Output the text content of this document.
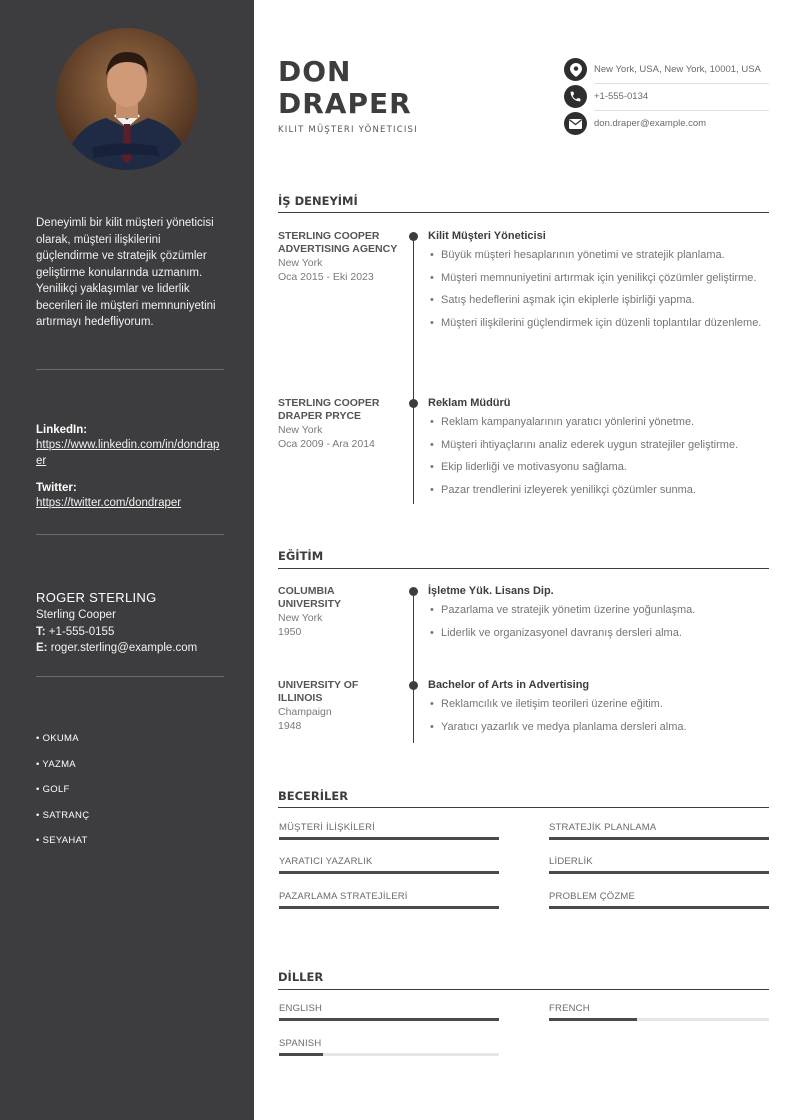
HAKKIMDA
Deneyimli bir kilit müşteri yöneticisi olarak, müşteri ilişkilerini güçlendirme ve stratejik çözümler geliştirme konularında uzmanım. Yenilikçi yaklaşımlar ve liderlik becerileri ile müşteri memnuniyetini artırmayı hedefliyorum.
BAĞLANTILAR
LinkedIn:
https://www.linkedin.com/in/dondraper
Twitter:
https://twitter.com/dondraper
REFERANS
ROGER STERLING
Sterling Cooper
T: +1-555-0155
E: roger.sterling@example.com
HOBİLER
• OKUMA
• YAZMA
• GOLF
• SATRANÇ
• SEYAHAT
DON
DRAPER
KILIT MÜŞTERI YÖNETICISI
New York, USA, New York, 10001, USA
+1-555-0134
don.draper@example.com
İŞ DENEYİMİ
STERLING COOPER ADVERTISING AGENCY
New York
Oca 2015 - Eki 2023
Kilit Müşteri Yöneticisi
• Büyük müşteri hesaplarının yönetimi ve stratejik planlama.
• Müşteri memnuniyetini artırmak için yenilikçi çözümler geliştirme.
• Satış hedeflerini aşmak için ekiplerle işbirliği yapma.
• Müşteri ilişkilerini güçlendirmek için düzenli toplantılar düzenleme.
STERLING COOPER DRAPER PRYCE
New York
Oca 2009 - Ara 2014
Reklam Müdürü
• Reklam kampanyalarının yaratıcı yönlerini yönetme.
• Müşteri ihtiyaçlarını analiz ederek uygun stratejiler geliştirme.
• Ekip liderliği ve motivasyonu sağlama.
• Pazar trendlerini izleyerek yenilikçi çözümler sunma.
EĞİTİM
COLUMBIA UNIVERSITY
New York
1950
İşletme Yük. Lisans Dip.
• Pazarlama ve stratejik yönetim üzerine yoğunlaşma.
• Liderlik ve organizasyonel davranış dersleri alma.
UNIVERSITY OF ILLINOIS
Champaign
1948
Bachelor of Arts in Advertising
• Reklamcılık ve iletişim teorileri üzerine eğitim.
• Yaratıcı yazarlık ve medya planlama dersleri alma.
BECERİLER
MÜŞTERİ İLİŞKİLERİ	STRATEJİK PLANLAMA
YARATICI YAZARLIK	LİDERLİK
PAZARLAMA STRATEJİLERİ	PROBLEM ÇÖZME
DİLLER
ENGLISH	FRENCH
SPANISH
